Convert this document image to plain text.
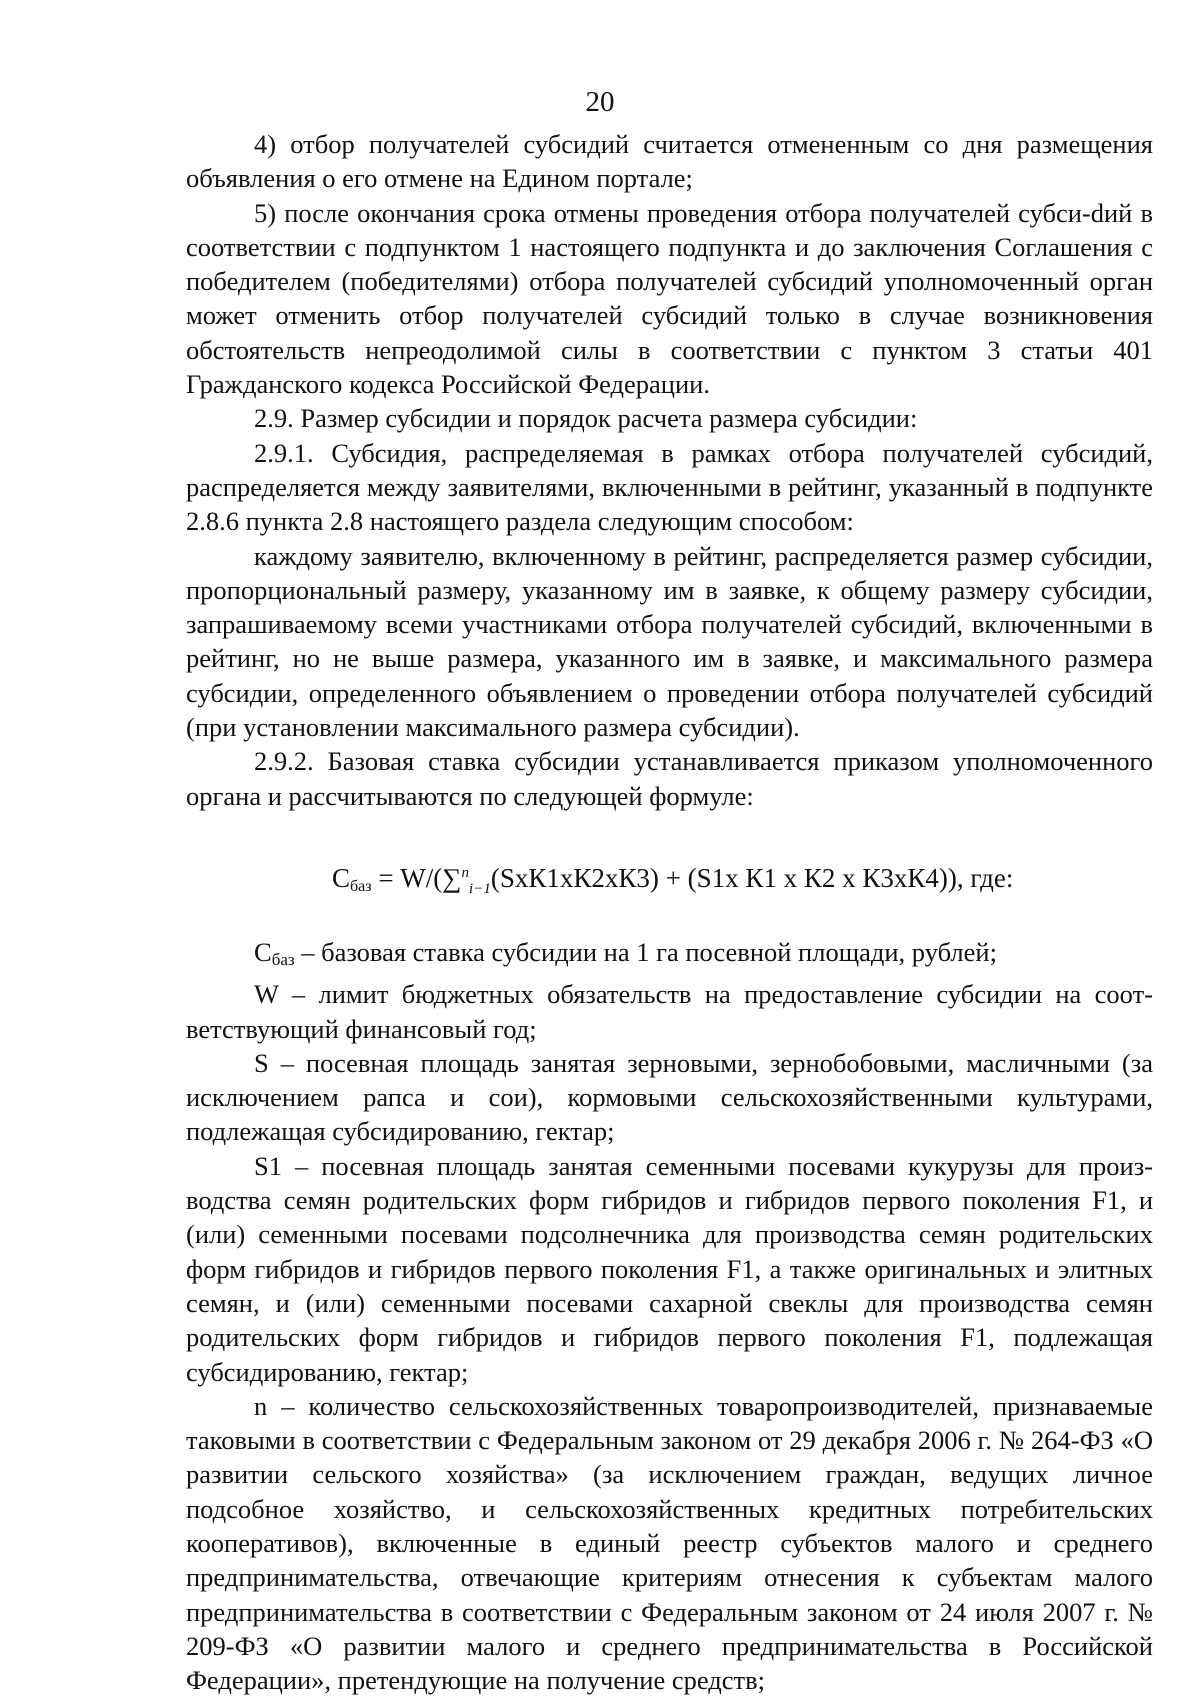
20

4) отбор получателей субсидий считается отмененным со дня размещения объявления о его отмене на Едином портале;

5) после окончания срока отмены проведения отбора получателей субси-dий в соответствии с подпунктом 1 настоящего подпункта и до заключения Соглашения с победителем (победителями) отбора получателей субсидий уполномоченный орган может отменить отбор получателей субсидий только в случае возникновения обстоятельств непреодолимой силы в соответствии с пунктом 3 статьи 401 Гражданского кодекса Российской Федерации.

2.9. Размер субсидии и порядок расчета размера субсидии:

2.9.1. Субсидия, распределяемая в рамках отбора получателей субсидий, распределяется между заявителями, включенными в рейтинг, указанный в подпункте 2.8.6 пункта 2.8 настоящего раздела следующим способом:

каждому заявителю, включенному в рейтинг, распределяется размер субсидии, пропорциональный размеру, указанному им в заявке, к общему размеру субсидии, запрашиваемому всеми участниками отбора получателей субсидий, включенными в рейтинг, но не выше размера, указанного им в заявке, и максимального размера субсидии, определенного объявлением о проведении отбора получателей субсидий (при установлении максимального размера субсидии).

2.9.2. Базовая ставка субсидии устанавливается приказом уполномоченного органа и рассчитываются по следующей формуле:

$С_{баз} = W/(\sum^n_{i-1}(SxК1xК2xК3) + (S1x$ К1 x К2 x К3xК4)), где:

Сбаз – базовая ставка субсидии на 1 га посевной площади, рублей;

W – лимит бюджетных обязательств на предоставление субсидии на соответствующий финансовый год;

S – посевная площадь занятая зерновыми, зернобобовыми, масличными (за исключением рапса и сои), кормовыми сельскохозяйственными культурами, подлежащая субсидированию, гектар;

S1 – посевная площадь занятая семенными посевами кукурузы для производства семян родительских форм гибридов и гибридов первого поколения F1, и (или) семенными посевами подсолнечника для производства семян родительских форм гибридов и гибридов первого поколения F1, а также оригинальных и элитных семян, и (или) семенными посевами сахарной свеклы для производства семян родительских форм гибридов и гибридов первого поколения F1, подлежащая субсидированию, гектар;

n – количество сельскохозяйственных товаропроизводителей, признаваемые таковыми в соответствии с Федеральным законом от 29 декабря 2006 г. № 264-ФЗ «О развитии сельского хозяйства» (за исключением граждан, ведущих личное подсобное хозяйство, и сельскохозяйственных кредитных потребительских кооперативов), включенные в единый реестр субъектов малого и среднего предпринимательства, отвечающие критериям отнесения к субъектам малого предпринимательства в соответствии с Федеральным законом от 24 июля 2007 г. № 209-ФЗ «О развитии малого и среднего предпринимательства в Российской Федерации», претендующие на получение средств;
